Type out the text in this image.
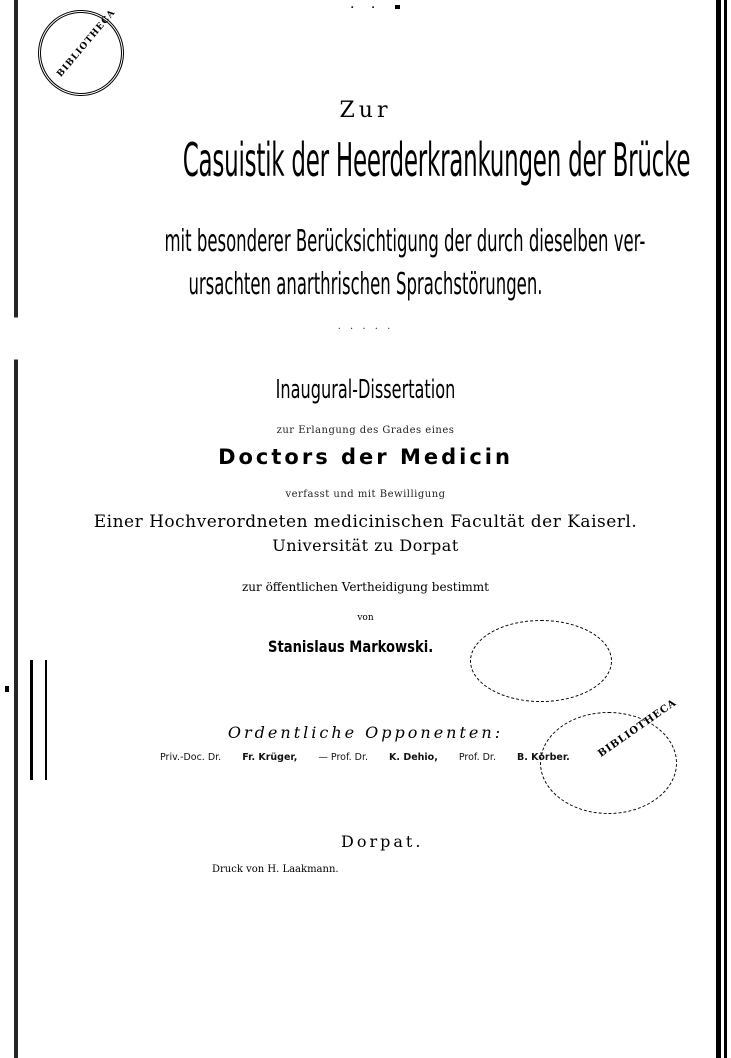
· ·
BIBLIOTHECA
Zur
Casuistik der Heerderkrankungen der Brücke
mit besonderer Berücksichtigung der durch dieselben ver-
ursachten anarthrischen Sprachstörungen.
· · · · ·
Inaugural-Dissertation
zur Erlangung des Grades eines
Doctors der Medicin
verfasst und mit Bewilligung
Einer Hochverordneten medicinischen Facultät der Kaiserl.
Universität zu Dorpat
zur öffentlichen Vertheidigung bestimmt
von
Stanislaus Markowski.
Ordentliche Opponenten:
Priv.-Doc. Dr. Fr. Krüger, — Prof. Dr. K. Dehio, Prof. Dr. B. Körber.	BIBLIOTHECA
Dorpat.
Druck von H. Laakmann.
